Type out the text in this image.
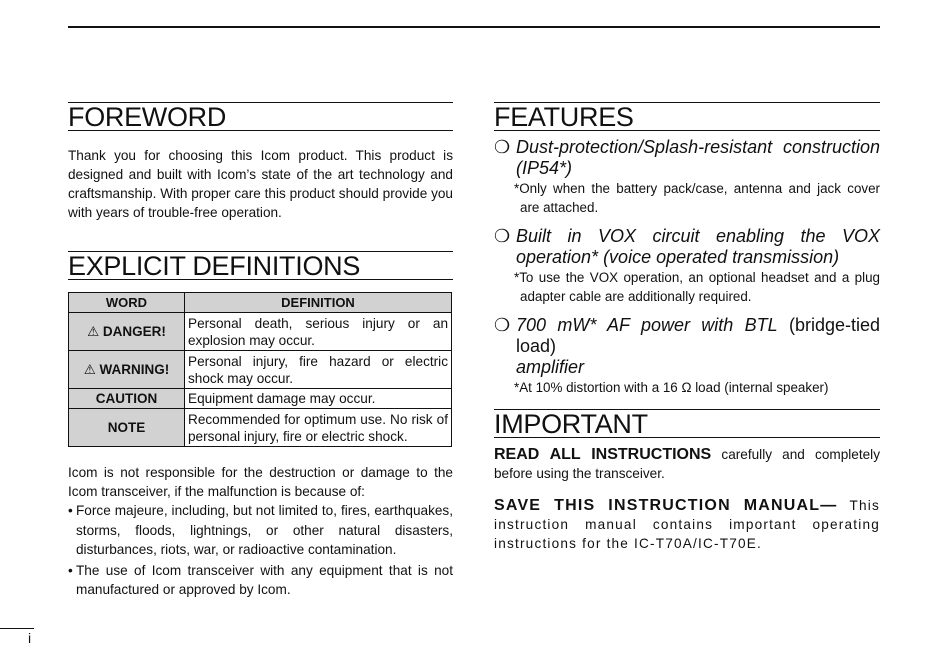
FOREWORD

Thank you for choosing this Icom product. This product is designed and built with Icom’s state of the art technology and craftsmanship. With proper care this product should provide you with years of trouble-free operation.

EXPLICIT DEFINITIONS
WORD	DEFINITION
⚠ DANGER!	Personal death, serious injury or an explosion may occur.
⚠ WARNING!	Personal injury, fire hazard or electric shock may occur.
CAUTION	Equipment damage may occur.
NOTE	Recommended for optimum use. No risk of personal injury, fire or electric shock.

Icom is not responsible for the destruction or damage to the Icom transceiver, if the malfunction is because of:

• Force majeure, including, but not limited to, fires, earthquakes, storms, floods, lightnings, or other natural disasters, disturbances, riots, war, or radioactive contamination.
• The use of Icom transceiver with any equipment that is not manufactured or approved by Icom.
FEATURES
❍ Dust-protection/Splash-resistant construction (IP54*)
*Only when the battery pack/case, antenna and jack cover are attached.
❍ Built in VOX circuit enabling the VOX operation* (voice operated transmission)
*To use the VOX operation, an optional headset and a plug adapter cable are additionally required.
❍ 700 mW* AF power with BTL (bridge-tied load)
amplifier
*At 10% distortion with a 16 Ω load (internal speaker)
IMPORTANT

READ ALL INSTRUCTIONS carefully and completely before using the transceiver.

SAVE THIS INSTRUCTION MANUAL— This instruction manual contains important operating instructions for the IC-T70A/IC-T70E.

i
